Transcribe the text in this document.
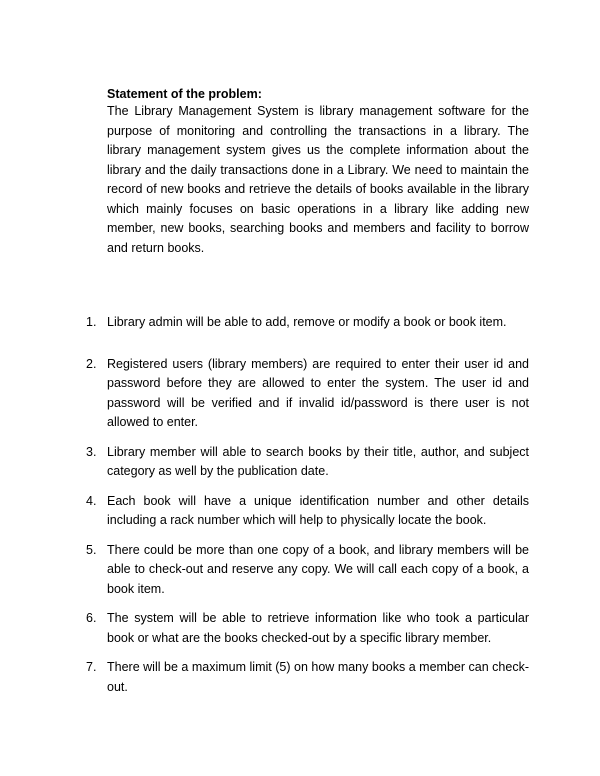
Statement of the problem:

The Library Management System is library management software for the purpose of monitoring and controlling the transactions in a library. The library management system gives us the complete information about the library and the daily transactions done in a Library. We need to maintain the record of new books and retrieve the details of books available in the library which mainly focuses on basic operations in a library like adding new member, new books, searching books and members and facility to borrow and return books.

1. Library admin will be able to add, remove or modify a book or book item.
2. Registered users (library members) are required to enter their user id and password before they are allowed to enter the system. The user id and password will be verified and if invalid id/password is there user is not allowed to enter.
3. Library member will able to search books by their title, author, and subject category as well by the publication date.
4. Each book will have a unique identification number and other details including a rack number which will help to physically locate the book.
5. There could be more than one copy of a book, and library members will be able to check-out and reserve any copy. We will call each copy of a book, a book item.
6. The system will be able to retrieve information like who took a particular book or what are the books checked-out by a specific library member.
7. There will be a maximum limit (5) on how many books a member can check-out.
